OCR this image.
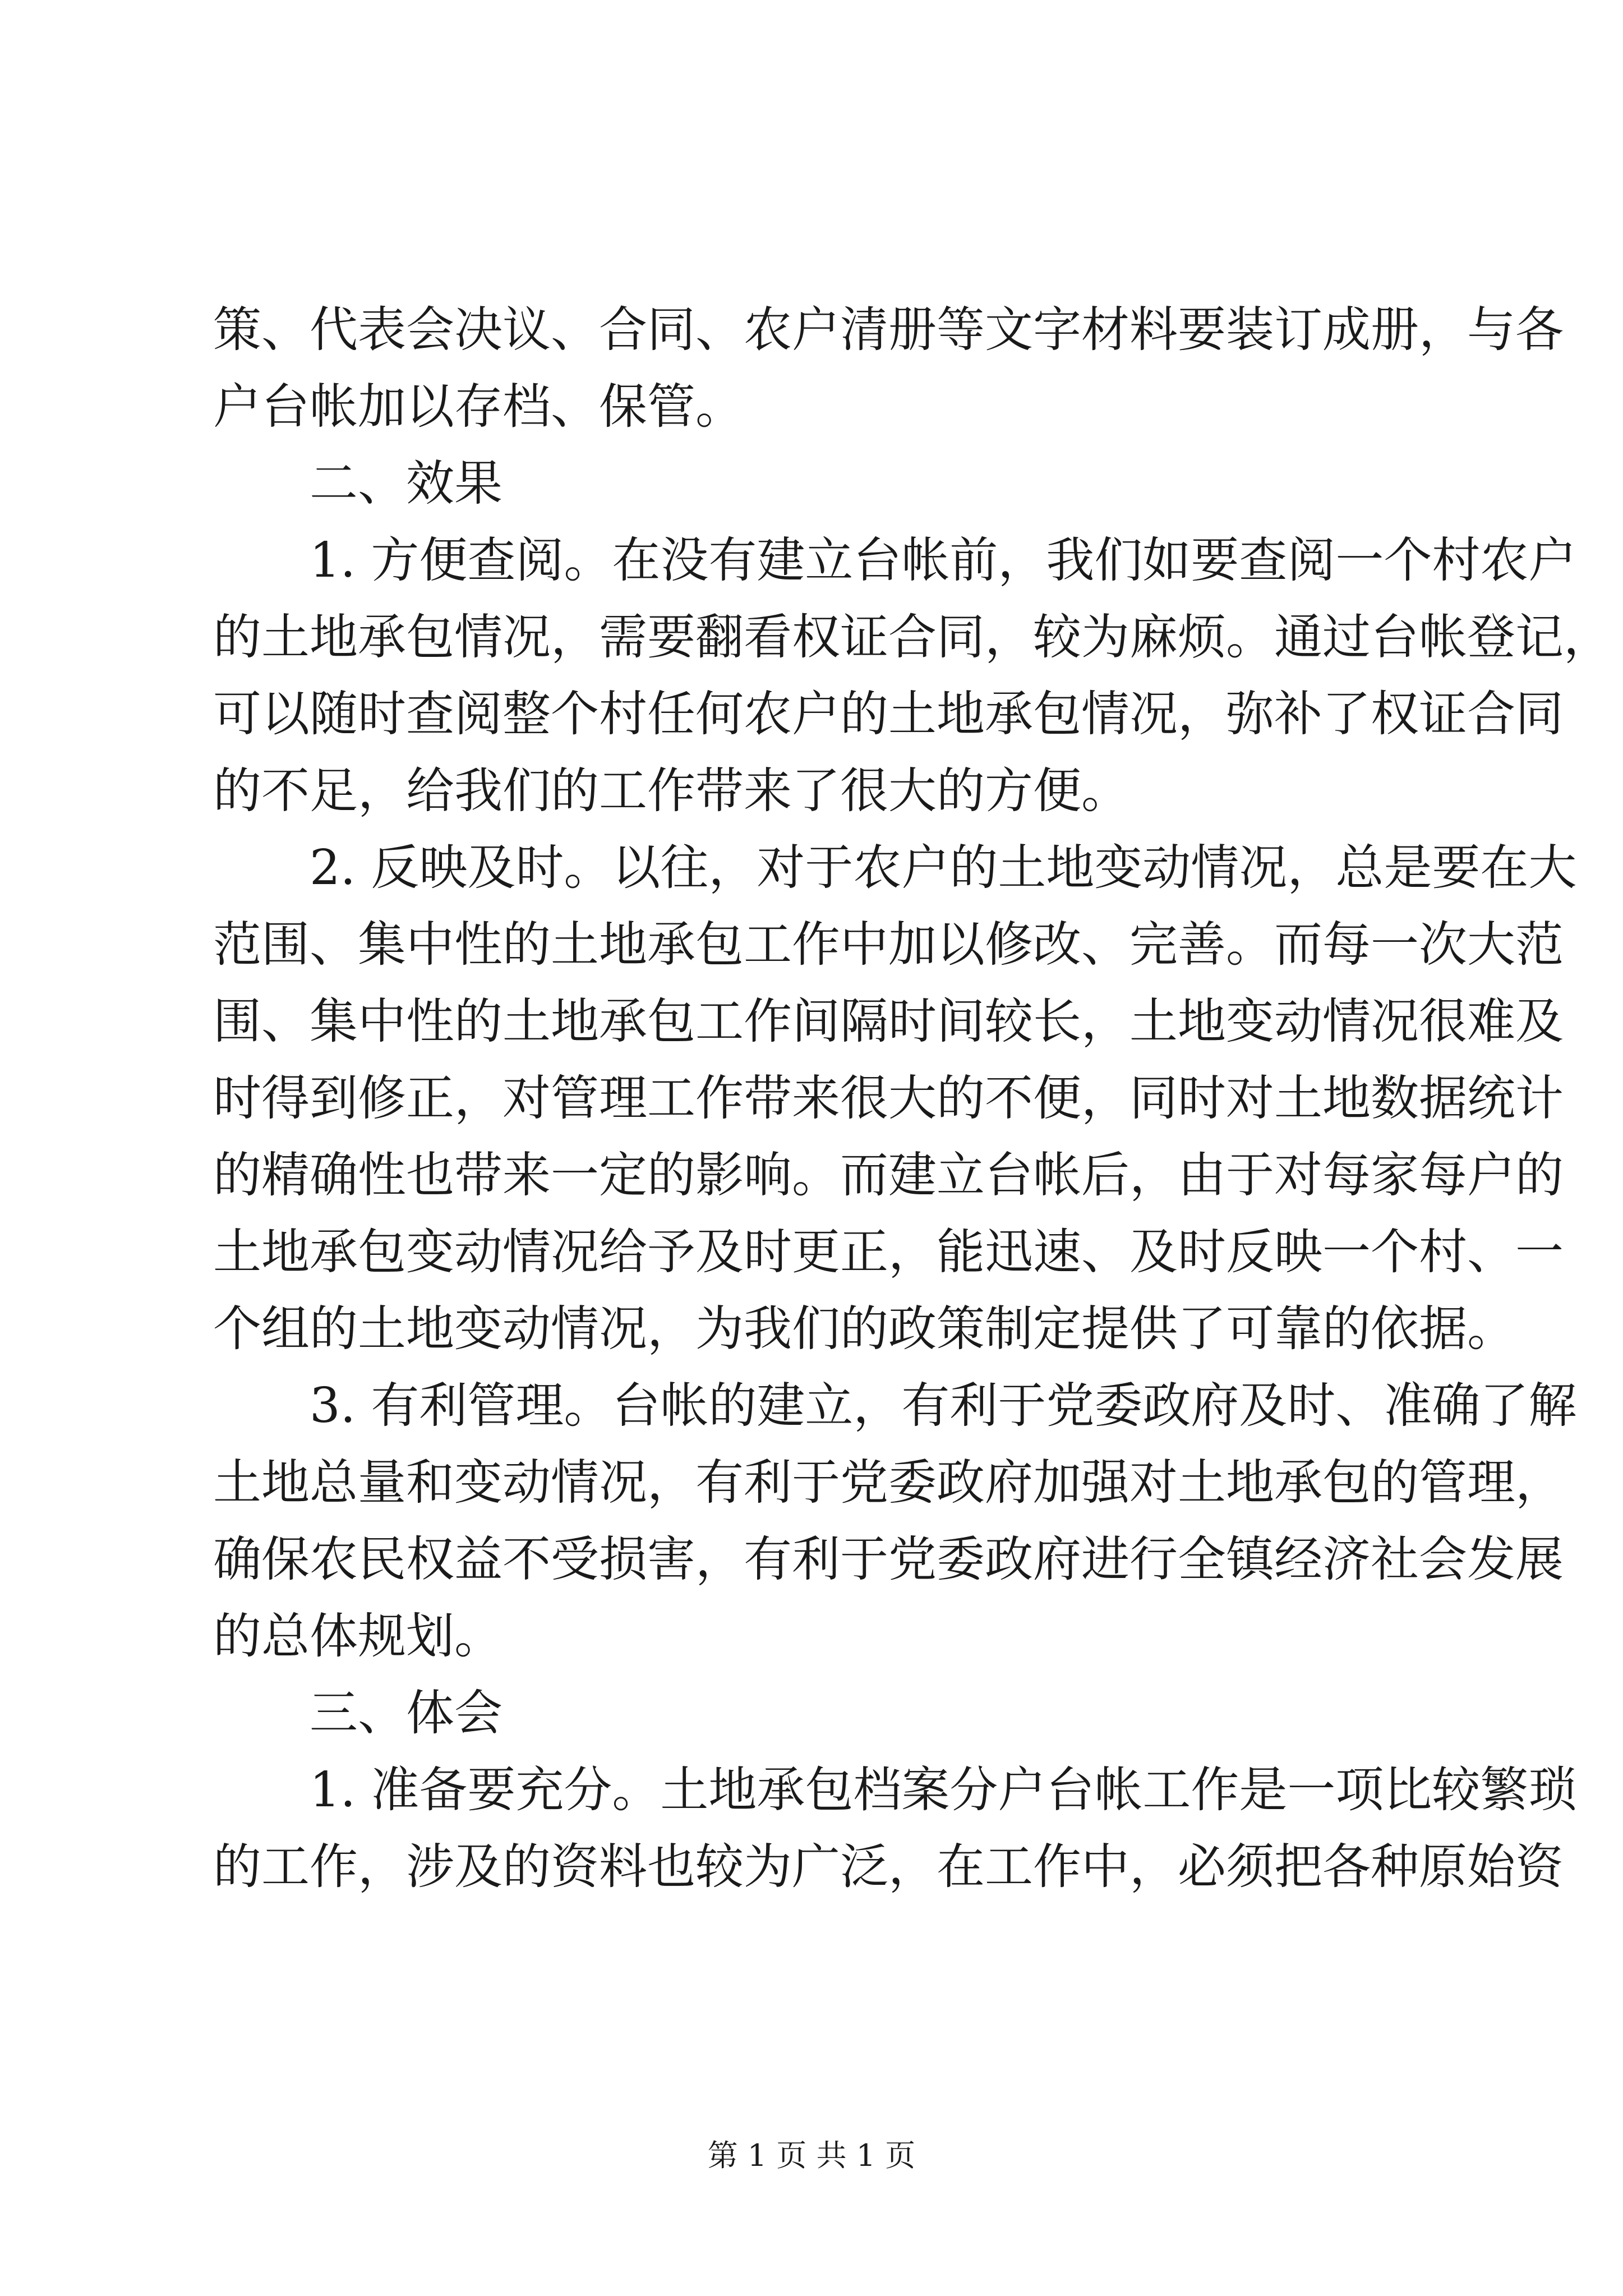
策、代表会决议、合同、农户清册等文字材料要装订成册，与各
户台帐加以存档、保管。
二、效果
1. 方便查阅。在没有建立台帐前，我们如要查阅一个村农户
的土地承包情况，需要翻看权证合同，较为麻烦。通过台帐登记，
可以随时查阅整个村任何农户的土地承包情况，弥补了权证合同
的不足，给我们的工作带来了很大的方便。
2. 反映及时。以往，对于农户的土地变动情况，总是要在大
范围、集中性的土地承包工作中加以修改、完善。而每一次大范
围、集中性的土地承包工作间隔时间较长，土地变动情况很难及
时得到修正，对管理工作带来很大的不便，同时对土地数据统计
的精确性也带来一定的影响。而建立台帐后，由于对每家每户的
土地承包变动情况给予及时更正，能迅速、及时反映一个村、一
个组的土地变动情况，为我们的政策制定提供了可靠的依据。
3. 有利管理。台帐的建立，有利于党委政府及时、准确了解
土地总量和变动情况，有利于党委政府加强对土地承包的管理，
确保农民权益不受损害，有利于党委政府进行全镇经济社会发展
的总体规划。
三、体会
1. 准备要充分。土地承包档案分户台帐工作是一项比较繁琐
的工作，涉及的资料也较为广泛，在工作中，必须把各种原始资
第 1 页 共 1 页
